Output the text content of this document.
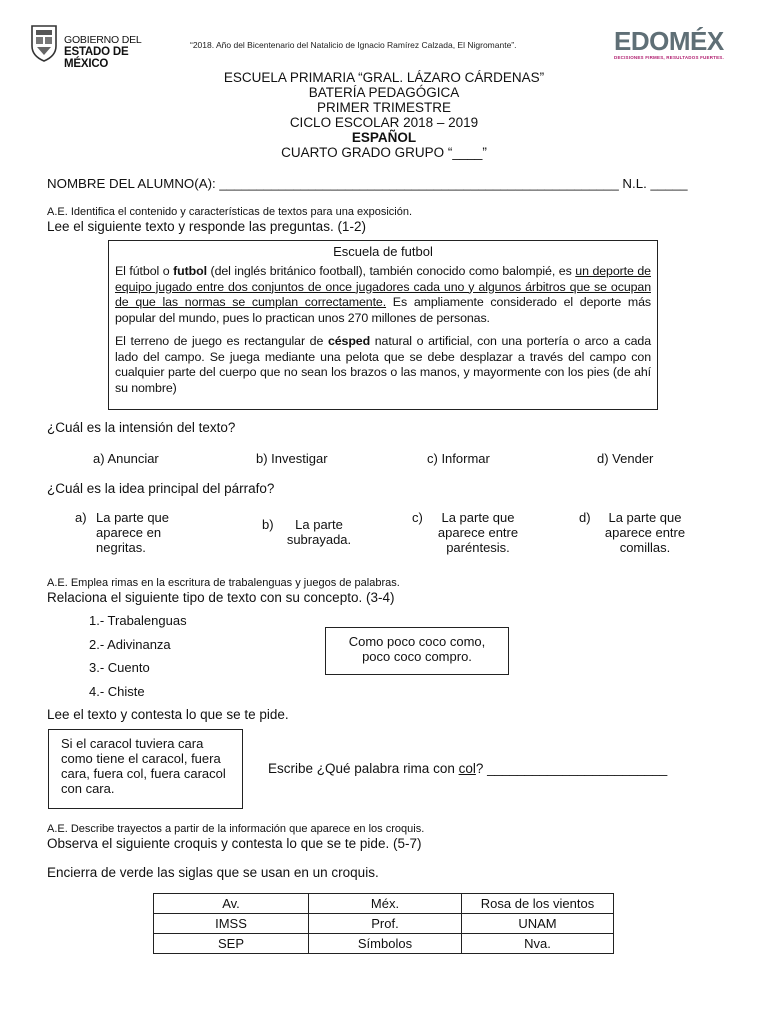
GOBIERNO DEL
ESTADO DE MÉXICO
“2018. Año del Bicentenario del Natalicio de Ignacio Ramírez Calzada, El Nigromante”.	EDOMÉX
DECISIONES FIRMES, RESULTADOS FUERTES.
ESCUELA PRIMARIA “GRAL. LÁZARO CÁRDENAS”
BATERÍA PEDAGÓGICA
PRIMER TRIMESTRE
CICLO ESCOLAR 2018 – 2019
ESPAÑOL
CUARTO GRADO GRUPO “____”
NOMBRE DEL ALUMNO(A): ______________________________________________________ N.L. _____
A.E. Identifica el contenido y características de textos para una exposición.
Lee el siguiente texto y responde las preguntas. (1-2)
Escuela de futbol

El fútbol o futbol (del inglés británico football), también conocido como balompié, es un deporte de equipo jugado entre dos conjuntos de once jugadores cada uno y algunos árbitros que se ocupan de que las normas se cumplan correctamente. Es ampliamente considerado el deporte más popular del mundo, pues lo practican unos 270 millones de personas.

El terreno de juego es rectangular de césped natural o artificial, con una portería o arco a cada lado del campo. Se juega mediante una pelota que se debe desplazar a través del campo con cualquier parte del cuerpo que no sean los brazos o las manos, y mayormente con los pies (de ahí su nombre)

¿Cuál es la intensión del texto?
a) Anunciar	b) Investigar	c) Informar	d) Vender
¿Cuál es la idea principal del párrafo?
a) La parte que aparece en negritas.
b)	La parte subrayada.
c)	La parte que aparece entre paréntesis.
d)	La parte que aparece entre comillas.
A.E. Emplea rimas en la escritura de trabalenguas y juegos de palabras.
Relaciona el siguiente tipo de texto con su concepto. (3-4)
1.- Trabalenguas
2.- Adivinanza
3.- Cuento
4.- Chiste
Como poco coco como, poco coco compro.
Lee el texto y contesta lo que se te pide.
Si el caracol tuviera cara como tiene el caracol, fuera cara, fuera col, fuera caracol con cara.
Escribe ¿Qué palabra rima con col? ________________________
A.E. Describe trayectos a partir de la información que aparece en los croquis.
Observa el siguiente croquis y contesta lo que se te pide. (5-7)
Encierra de verde las siglas que se usan en un croquis.
Av.	Méx.	Rosa de los vientos
IMSS	Prof.	UNAM
SEP	Símbolos	Nva.
